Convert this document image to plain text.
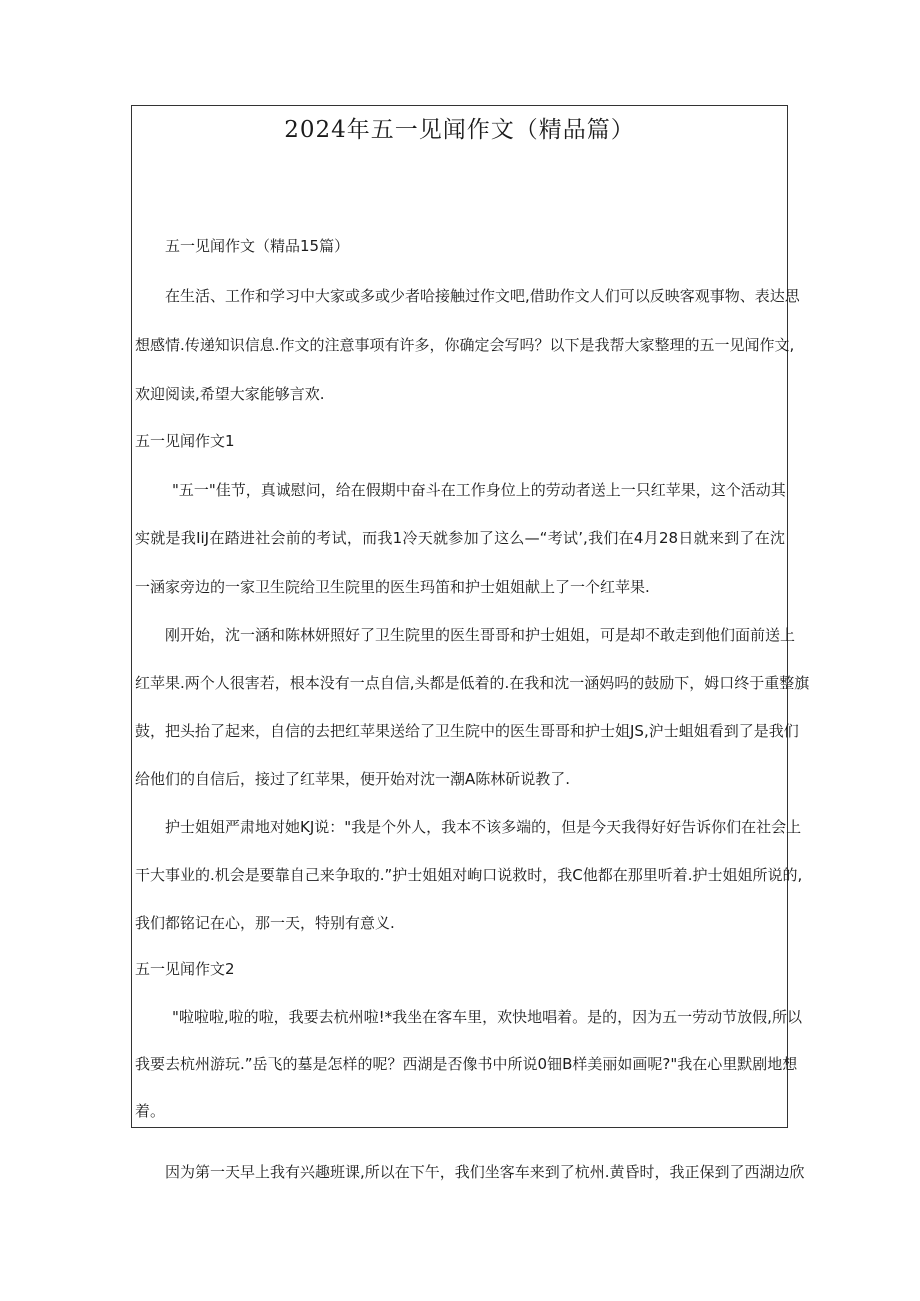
2024年五一见闻作文（精品篇）
五一见闻作文（精品15篇）
在生活、工作和学习中大家或多或少者哈接触过作文吧,借助作文人们可以反映客观事物、表达思
想感情.传递知识信息.作文的注意事项有许多，你确定会写吗？以下是我帮大家整理的五一见闻作文,
欢迎阅读,希望大家能够言欢.
五一见闻作文1
"五一"佳节，真诚慰问，给在假期中奋斗在工作身位上的劳动者送上一只红苹果，这个活动其
实就是我IiJ在踏进社会前的考试，而我1冷天就参加了这么—“考试’,我们在4月28日就来到了在沈
一涵家旁边的一家卫生院给卫生院里的医生玛笛和护士姐姐献上了一个红苹果.
刚开始，沈一涵和陈林妍照好了卫生院里的医生哥哥和护士姐姐，可是却不敢走到他们面前送上
红苹果.两个人很害若，根本没有一点自信,头都是低着的.在我和沈一涵妈吗的鼓励下，姆口终于重整旗
鼓，把头抬了起来，自信的去把红苹果送给了卫生院中的医生哥哥和护士姐JS,沪士蛆姐看到了是我们
给他们的自信后，接过了红苹果，便开始对沈一潮A陈林斫说教了.
护士姐姐严肃地对她KJ说："我是个外人，我本不该多端的，但是今天我得好好告诉你们在社会上
干大事业的.机会是要靠自己来争取的.”护士姐姐对峋口说救时，我C他都在那里听着.护士姐姐所说的,
我们都铭记在心，那一天，特别有意义.
五一见闻作文2
"啦啦啦,啦的啦，我要去杭州啦!*我坐在客车里，欢快地唱着。是的，因为五一劳动节放假,所以
我要去杭州游玩.”岳飞的墓是怎样的呢？西湖是否像书中所说0钿B样美丽如画呢?"我在心里默剧地想
着。
因为第一天早上我有兴趣班课,所以在下午，我们坐客车来到了杭州.黄昏时，我正保到了西湖边欣
